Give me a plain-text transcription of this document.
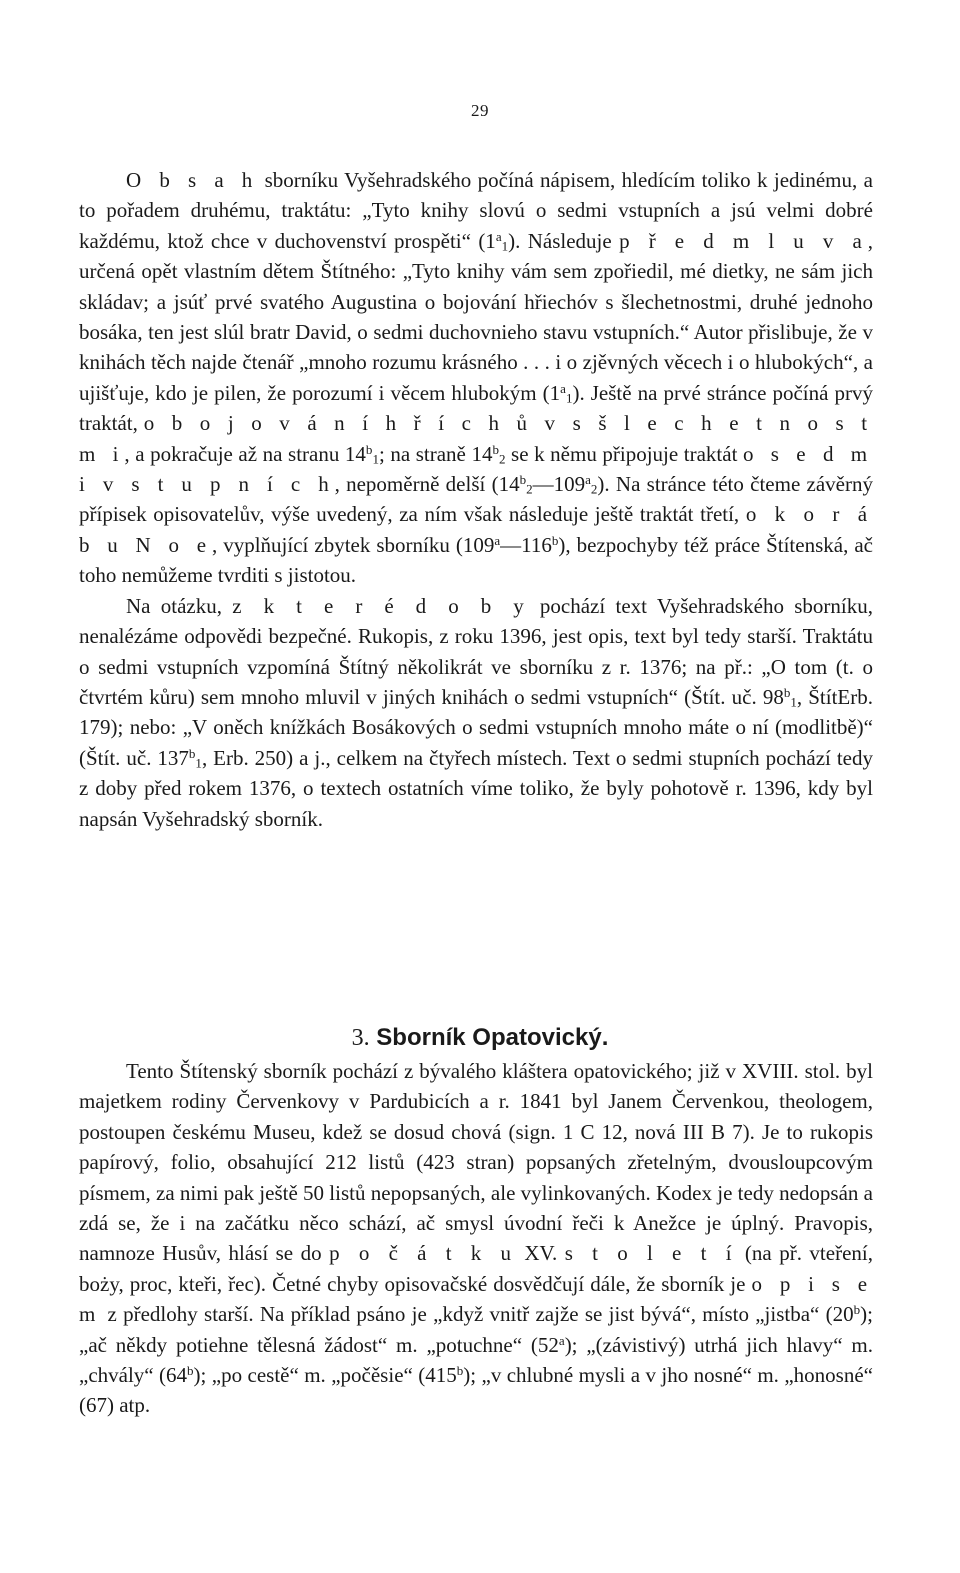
29

O b s a h sborníku Vyšehradského počíná nápisem, hledícím toliko k jedinému, a to pořadem druhému, traktátu: „Tyto knihy slovú o sedmi vstupních a jsú velmi dobré každému, ktož chce v duchovenství prospěti“ $(1^a_1)$. Následuje p ř e d m l u v a, určená opět vlastním dětem Štítného: „Tyto knihy vám sem zpořiedil, mé dietky, ne sám jich skládav; a jsúť prvé svatého Augustina o bojování hřiechóv s šlechetnostmi, druhé jednoho bosáka, ten jest slúl bratr David, o sedmi duchovnieho stavu vstupních.“ Autor přislibuje, že v knihách těch najde čtenář „mnoho rozumu krásného . . . i o zjěvných věcech i o hlubokých“, a ujišťuje, kdo je pilen, že porozumí i věcem hlubokým $(1^a_1)$. Ještě na prvé stránce počíná prvý traktát, o b o j o v á n í h ř í c h ů v s š l e c h e t n o s t m i, a pokračuje až na stranu $14^b_1$; na straně $14^b_2$ se k němu připojuje traktát o s e d m i v s t u p n í c h, nepoměrně delší $(14^b_2—109^a_2)$. Na stránce této čteme závěrný přípisek opisovatelův, výše uvedený, za ním však následuje ještě traktát třetí, o k o r á b u N o e, vyplňující zbytek sborníku (109$^a$—116$^b$), bezpochyby též práce Štítenská, ač toho nemůžeme tvrditi s jistotou.

Na otázku, z k t e r é d o b y pochází text Vyšehradského sborníku, nenalézáme odpovědi bezpečné. Rukopis, z roku 1396, jest opis, text byl tedy starší. Traktátu o sedmi vstupních vzpomíná Štítný několikrát ve sborníku z r. 1376; na př.: „O tom (t. o čtvrtém kůru) sem mnoho mluvil v jiných knihách o sedmi vstupních“ (Štít. uč. $98^b_1$, ŠtítErb. 179); nebo: „V oněch knížkách Bosákových o sedmi vstupních mnoho máte o ní (modlitbě)“ (Štít. uč. $137^b_1$, Erb. 250) a j., celkem na čtyřech místech. Text o sedmi stupních pochází tedy z doby před rokem 1376, o textech ostatních víme toliko, že byly pohotově r. 1396, kdy byl napsán Vyšehradský sborník.

3. Sborník Opatovický.

Tento Štítenský sborník pochází z bývalého kláštera opatovického; již v XVIII. stol. byl majetkem rodiny Červenkovy v Pardubicích a r. 1841 byl Janem Červenkou, theologem, postoupen českému Museu, kdež se dosud chová (sign. 1 C 12, nová III B 7). Je to rukopis papírový, folio, obsahující 212 listů (423 stran) popsaných zřetelným, dvousloupcovým písmem, za nimi pak ještě 50 listů nepopsaných, ale vylinkovaných. Kodex je tedy nedopsán a zdá se, že i na začátku něco schází, ač smysl úvodní řeči k Anežce je úplný. Pravopis, namnoze Husův, hlásí se do p o č á t k u XV. s t o l e t í (na př. vteření, boży, proc, kteři, řec). Četné chyby opisovačské dosvědčují dále, že sborník je o p i s e m z předlohy starší. Na příklad psáno je „když vnitř zajže se jist bývá“, místo „jistba“ (20$^b$); „ač někdy potiehne tělesná žádost“ m. „potuchne“ (52$^a$); „(závistivý) utrhá jich hlavy“ m. „chvály“ (64$^b$); „po cestě“ m. „počěsie“ (415$^b$); „v chlubné mysli a v jho nosné“ m. „honosné“ (67) atp.
